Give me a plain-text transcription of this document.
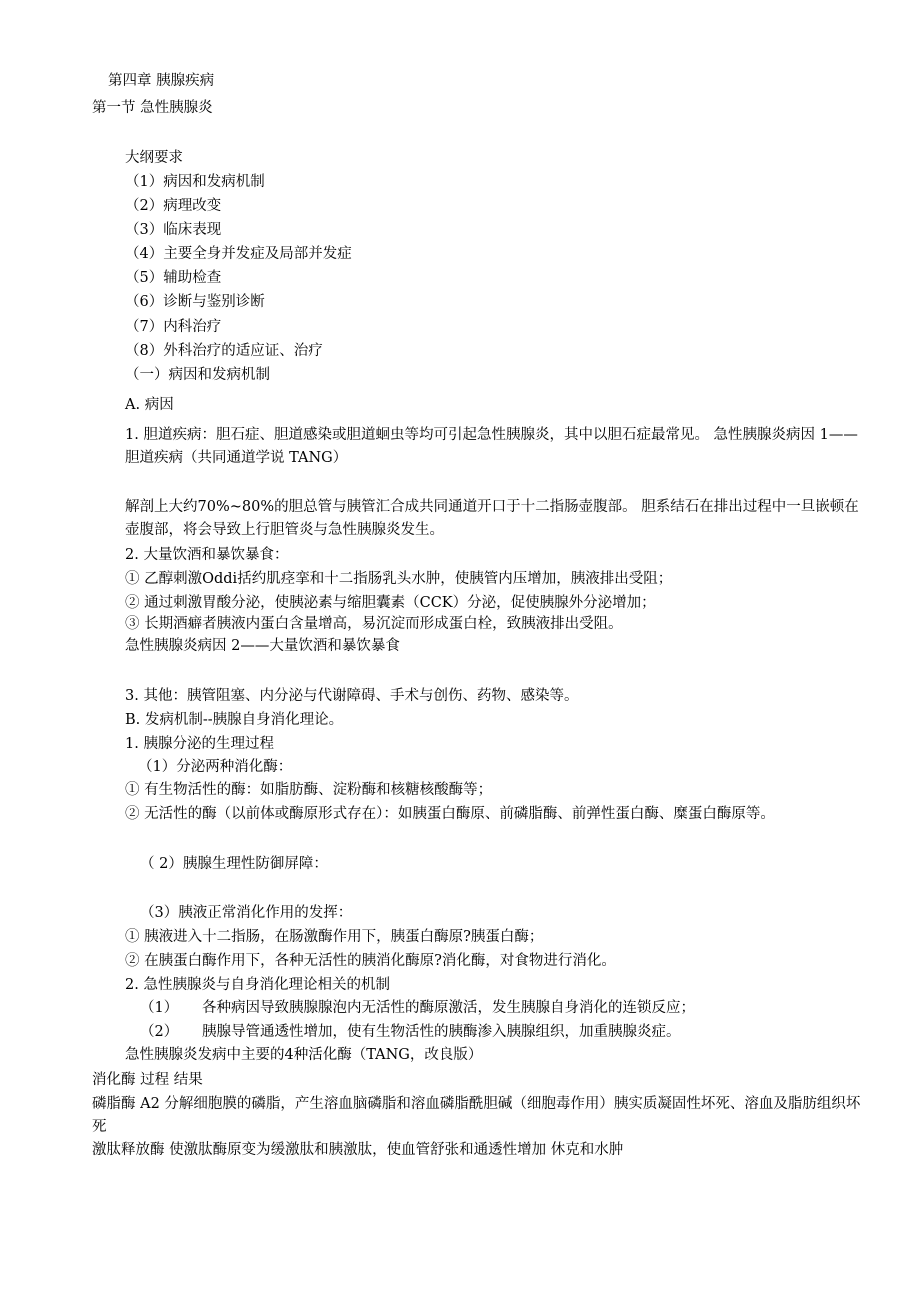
第四章 胰腺疾病
第一节 急性胰腺炎
大纲要求
（1）病因和发病机制
（2）病理改变
（3）临床表现
（4）主要全身并发症及局部并发症
（5）辅助检查
（6）诊断与鉴别诊断
（7）内科治疗
（8）外科治疗的适应证、治疗
（一）病因和发病机制
A. 病因
1. 胆道疾病：胆石症、胆道感染或胆道蛔虫等均可引起急性胰腺炎，其中以胆石症最常见。 急性胰腺炎病因 1——胆道疾病（共同通道学说 TANG）
解剖上大约70%~80%的胆总管与胰管汇合成共同通道开口于十二指肠壶腹部。 胆系结石在排出过程中一旦嵌顿在壶腹部，将会导致上行胆管炎与急性胰腺炎发生。
2. 大量饮酒和暴饮暴食：
① 乙醇刺激Oddi括约肌痉挛和十二指肠乳头水肿，使胰管内压增加，胰液排出受阻；
② 通过刺激胃酸分泌，使胰泌素与缩胆囊素（CCK）分泌，促使胰腺外分泌增加；
③ 长期酒癖者胰液内蛋白含量增高，易沉淀而形成蛋白栓，致胰液排出受阻。
急性胰腺炎病因 2——大量饮酒和暴饮暴食
3. 其他：胰管阻塞、内分泌与代谢障碍、手术与创伤、药物、感染等。
B. 发病机制--胰腺自身消化理论。
1. 胰腺分泌的生理过程
（1）分泌两种消化酶：
① 有生物活性的酶：如脂肪酶、淀粉酶和核糖核酸酶等；
② 无活性的酶（以前体或酶原形式存在）：如胰蛋白酶原、前磷脂酶、前弹性蛋白酶、糜蛋白酶原等。
（ 2）胰腺生理性防御屏障：
（3）胰液正常消化作用的发挥：
① 胰液进入十二指肠，在肠激酶作用下，胰蛋白酶原?胰蛋白酶；
② 在胰蛋白酶作用下，各种无活性的胰消化酶原?消化酶，对食物进行消化。
2. 急性胰腺炎与自身消化理论相关的机制
（1） 各种病因导致胰腺腺泡内无活性的酶原激活，发生胰腺自身消化的连锁反应；
（2） 胰腺导管通透性增加，使有生物活性的胰酶渗入胰腺组织，加重胰腺炎症。
急性胰腺炎发病中主要的4种活化酶（TANG，改良版）
消化酶 过程 结果
磷脂酶 A2 分解细胞膜的磷脂，产生溶血脑磷脂和溶血磷脂酰胆碱（细胞毒作用）胰实质凝固性坏死、溶血及脂肪组织坏死
激肽释放酶 使激肽酶原变为缓激肽和胰激肽，使血管舒张和通透性增加 休克和水肿
